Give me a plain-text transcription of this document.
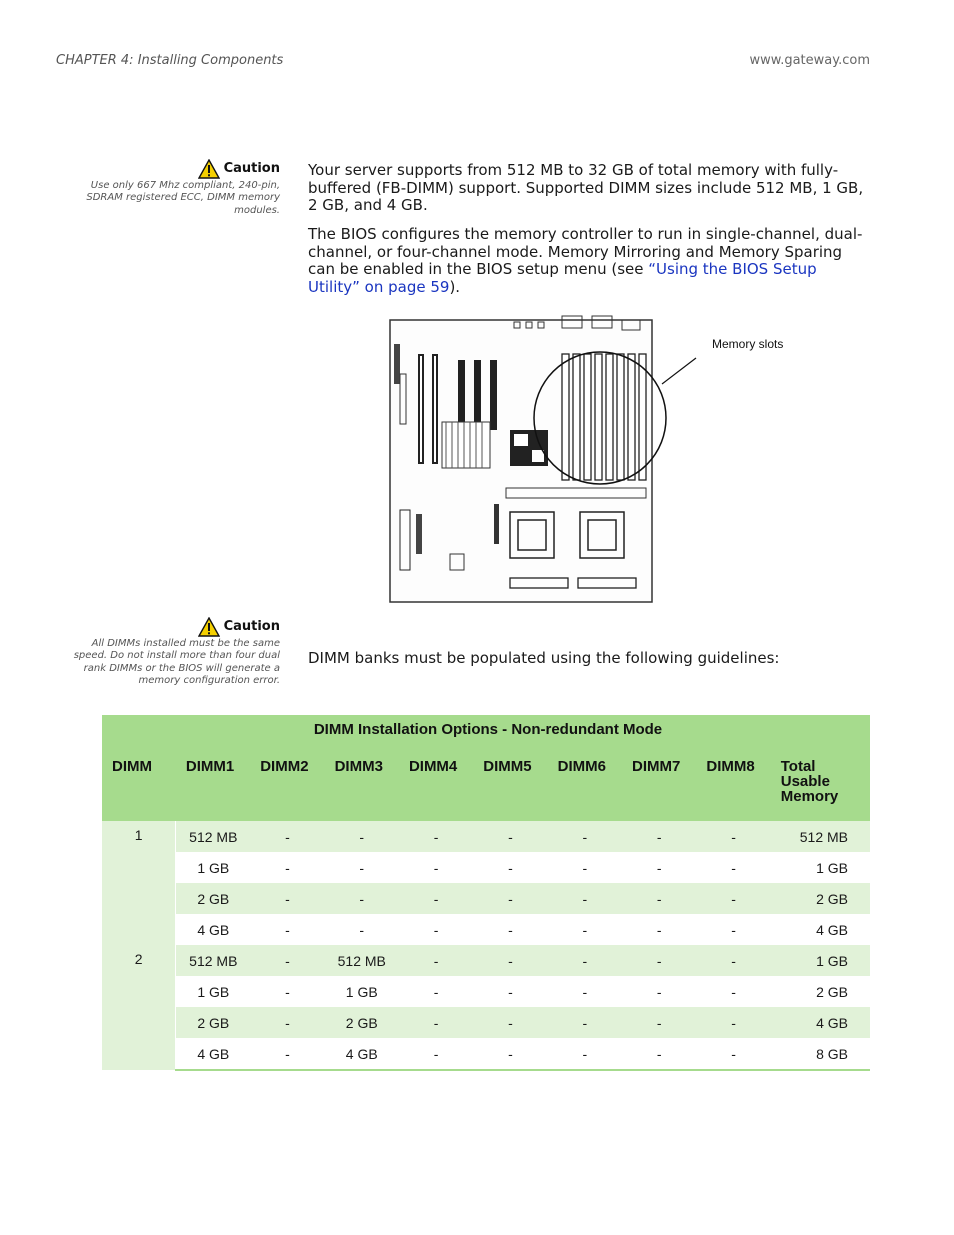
CHAPTER 4: Installing Components	www.gateway.com
Caution
Use only 667 Mhz compliant, 240-pin, SDRAM registered ECC, DIMM memory modules.
Caution
All DIMMs installed must be the same speed. Do not install more than four dual rank DIMMs or the BIOS will generate a memory configuration error.
Your server supports from 512 MB to 32 GB of total memory with fully-buffered (FB-DIMM) support. Supported DIMM sizes include 512 MB, 1 GB, 2 GB, and 4 GB.
The BIOS configures the memory controller to run in single-channel, dual-channel, or four-channel mode. Memory Mirroring and Memory Sparing can be enabled in the BIOS setup menu (see “Using the BIOS Setup Utility” on page 59).
Memory slots
DIMM banks must be populated using the following guidelines:
DIMM Installation Options - Non-redundant Mode									
DIMM	DIMM1	DIMM2	DIMM3	DIMM4	DIMM5	DIMM6	DIMM7	DIMM8	Total Usable Memory
1	512 MB	-	-	-	-	-	-	-	512 MB
	1 GB	-	-	-	-	-	-	-	1 GB
	2 GB	-	-	-	-	-	-	-	2 GB
	4 GB	-	-	-	-	-	-	-	4 GB
2	512 MB	-	512 MB	-	-	-	-	-	1 GB
	1 GB	-	1 GB	-	-	-	-	-	2 GB
	2 GB	-	2 GB	-	-	-	-	-	4 GB
	4 GB	-	4 GB	-	-	-	-	-	8 GB
